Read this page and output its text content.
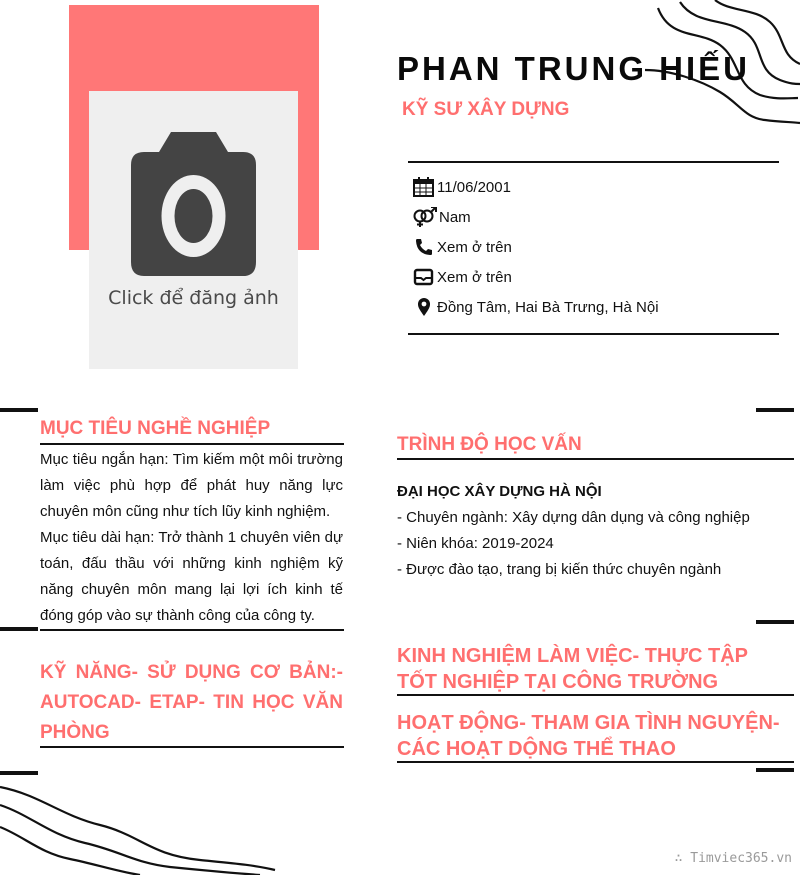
Click để đăng ảnh
PHAN TRUNG HIẾU
KỸ SƯ XÂY DỰNG
11/06/2001
Nam
Xem ở trên
Xem ở trên
Đồng Tâm, Hai Bà Trưng, Hà Nội
MỤC TIÊU NGHỀ NGHIỆP
Mục tiêu ngắn hạn: Tìm kiếm một môi trường làm việc phù hợp để phát huy năng lực chuyên môn cũng như tích lũy kinh nghiệm.
Mục tiêu dài hạn: Trở thành 1 chuyên viên dự toán, đấu thầu với những kinh nghiệm kỹ năng chuyên môn mang lại lợi ích kinh tế đóng góp vào sự thành công của công ty.
KỸ NĂNG- SỬ DỤNG CƠ BẢN:- AUTOCAD- ETAP- TIN HỌC VĂN PHÒNG
TRÌNH ĐỘ HỌC VẤN
ĐẠI HỌC XÂY DỰNG HÀ NỘI
- Chuyên ngành: Xây dựng dân dụng và công nghiệp
- Niên khóa: 2019-2024
- Được đào tạo, trang bị kiến thức chuyên ngành
KINH NGHIỆM LÀM VIỆC- THỰC TẬP TỐT NGHIỆP TẠI CÔNG TRƯỜNG
HOẠT ĐỘNG- THAM GIA TÌNH NGUYỆN- CÁC HOẠT DỘNG THỂ THAO
∴ Timviec365.vn
